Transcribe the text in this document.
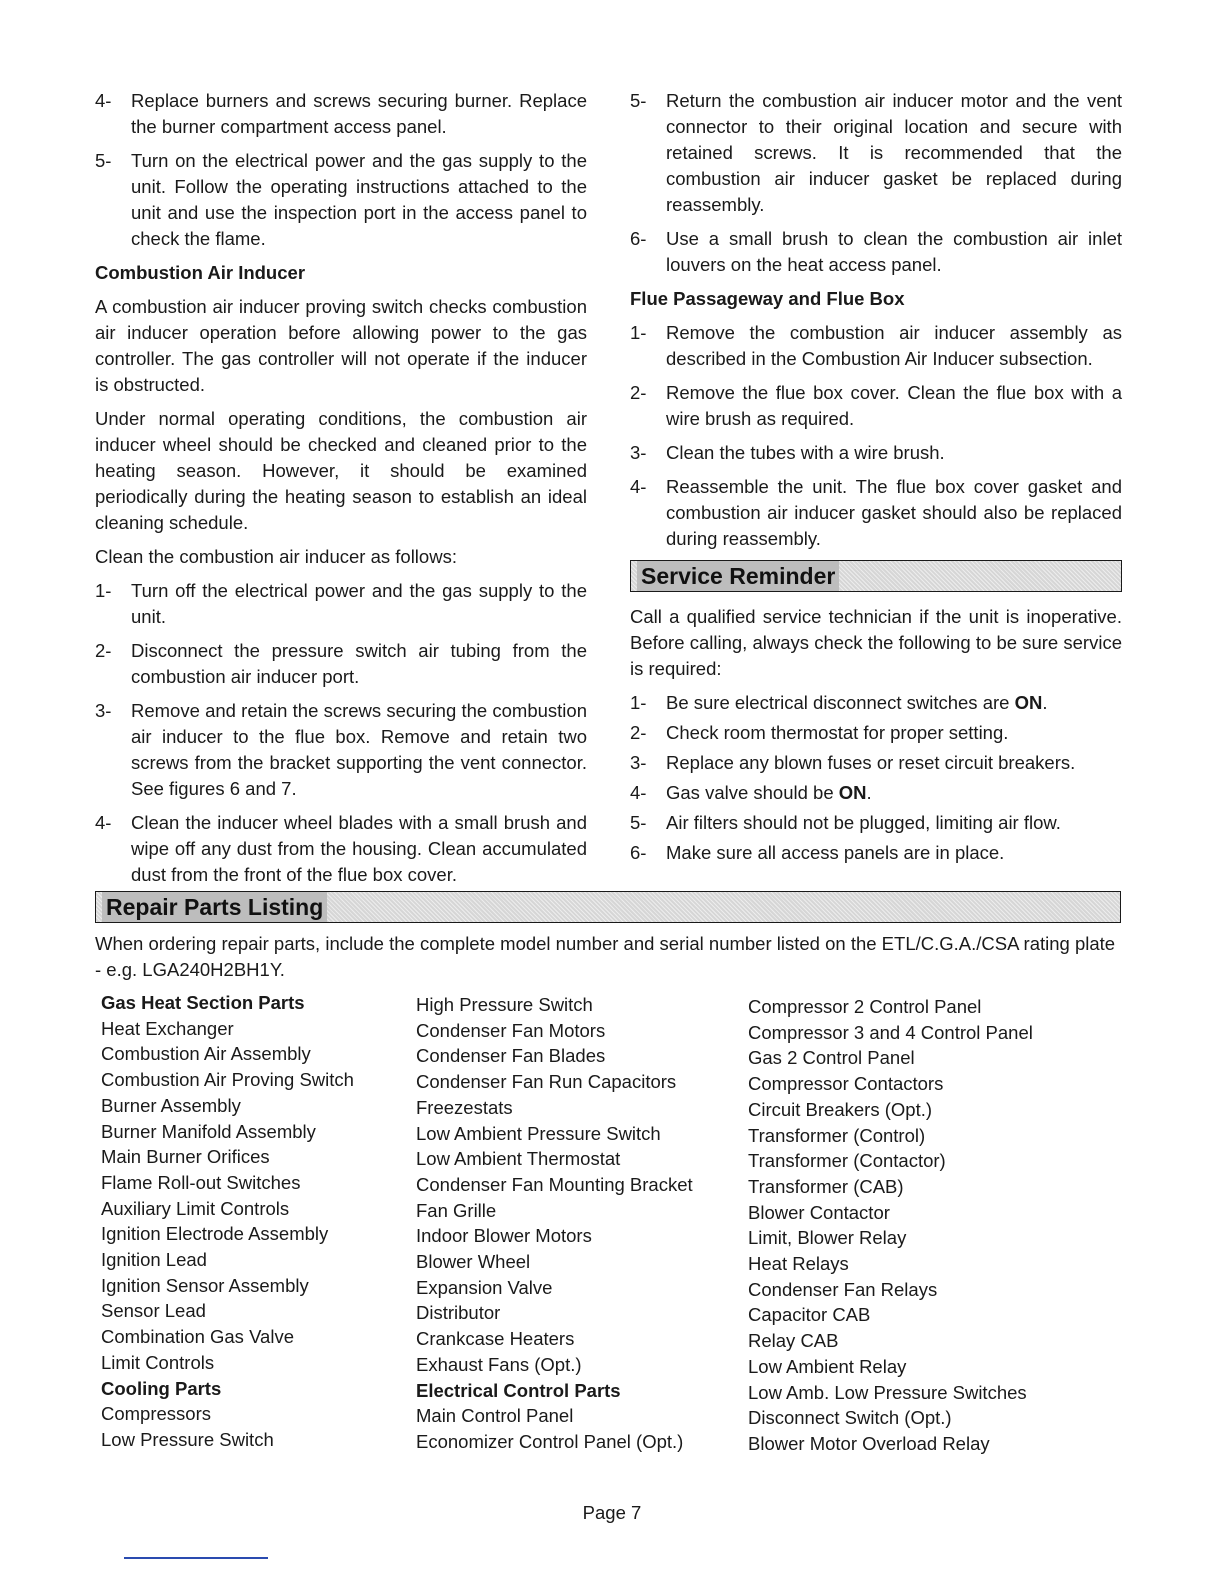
4-	Replace burners and screws securing burner. Replace the burner compartment access panel.
5-	Turn on the electrical power and the gas supply to the unit. Follow the operating instructions attached to the unit and use the inspection port in the access panel to check the flame.
Combustion Air Inducer

A combustion air inducer proving switch checks combustion air inducer operation before allowing power to the gas controller. The gas controller will not operate if the inducer is obstructed.

Under normal operating conditions, the combustion air inducer wheel should be checked and cleaned prior to the heating season. However, it should be examined periodically during the heating season to establish an ideal cleaning schedule.

Clean the combustion air inducer as follows:

1-	Turn off the electrical power and the gas supply to the unit.
2-	Disconnect the pressure switch air tubing from the combustion air inducer port.
3-	Remove and retain the screws securing the combustion air inducer to the flue box. Remove and retain two screws from the bracket supporting the vent connector. See figures 6 and 7.
4-	Clean the inducer wheel blades with a small brush and wipe off any dust from the housing. Clean accumulated dust from the front of the flue box cover.
5-	Return the combustion air inducer motor and the vent connector to their original location and secure with retained screws. It is recommended that the combustion air inducer gasket be replaced during reassembly.
6-	Use a small brush to clean the combustion air inlet louvers on the heat access panel.
Flue Passageway and Flue Box
1-	Remove the combustion air inducer assembly as described in the Combustion Air Inducer subsection.
2-	Remove the flue box cover. Clean the flue box with a wire brush as required.
3-	Clean the tubes with a wire brush.
4-	Reassemble the unit. The flue box cover gasket and combustion air inducer gasket should also be replaced during reassembly.
Service Reminder

Call a qualified service technician if the unit is inoperative. Before calling, always check the following to be sure service is required:

1-	Be sure electrical disconnect switches are ON.
2-	Check room thermostat for proper setting.
3-	Replace any blown fuses or reset circuit breakers.
4-	Gas valve should be ON.
5-	Air filters should not be plugged, limiting air flow.
6-	Make sure all access panels are in place.
Repair Parts Listing

When ordering repair parts, include the complete model number and serial number listed on the ETL/C.G.A./CSA rating plate - e.g. LGA240H2BH1Y.

Gas Heat Section Parts
Heat Exchanger
Combustion Air Assembly
Combustion Air Proving Switch
Burner Assembly
Burner Manifold Assembly
Main Burner Orifices
Flame Roll-out Switches
Auxiliary Limit Controls
Ignition Electrode Assembly
Ignition Lead
Ignition Sensor Assembly
Sensor Lead
Combination Gas Valve
Limit Controls
Cooling Parts
Compressors
Low Pressure Switch
High Pressure Switch
Condenser Fan Motors
Condenser Fan Blades
Condenser Fan Run Capacitors
Freezestats
Low Ambient Pressure Switch
Low Ambient Thermostat
Condenser Fan Mounting Bracket
Fan Grille
Indoor Blower Motors
Blower Wheel
Expansion Valve
Distributor
Crankcase Heaters
Exhaust Fans (Opt.)
Electrical Control Parts
Main Control Panel
Economizer Control Panel (Opt.)
Compressor 2 Control Panel
Compressor 3 and 4 Control Panel
Gas 2 Control Panel
Compressor Contactors
Circuit Breakers (Opt.)
Transformer (Control)
Transformer (Contactor)
Transformer (CAB)
Blower Contactor
Limit, Blower Relay
Heat Relays
Condenser Fan Relays
Capacitor CAB
Relay CAB
Low Ambient Relay
Low Amb. Low Pressure Switches
Disconnect Switch (Opt.)
Blower Motor Overload Relay
Page 7
